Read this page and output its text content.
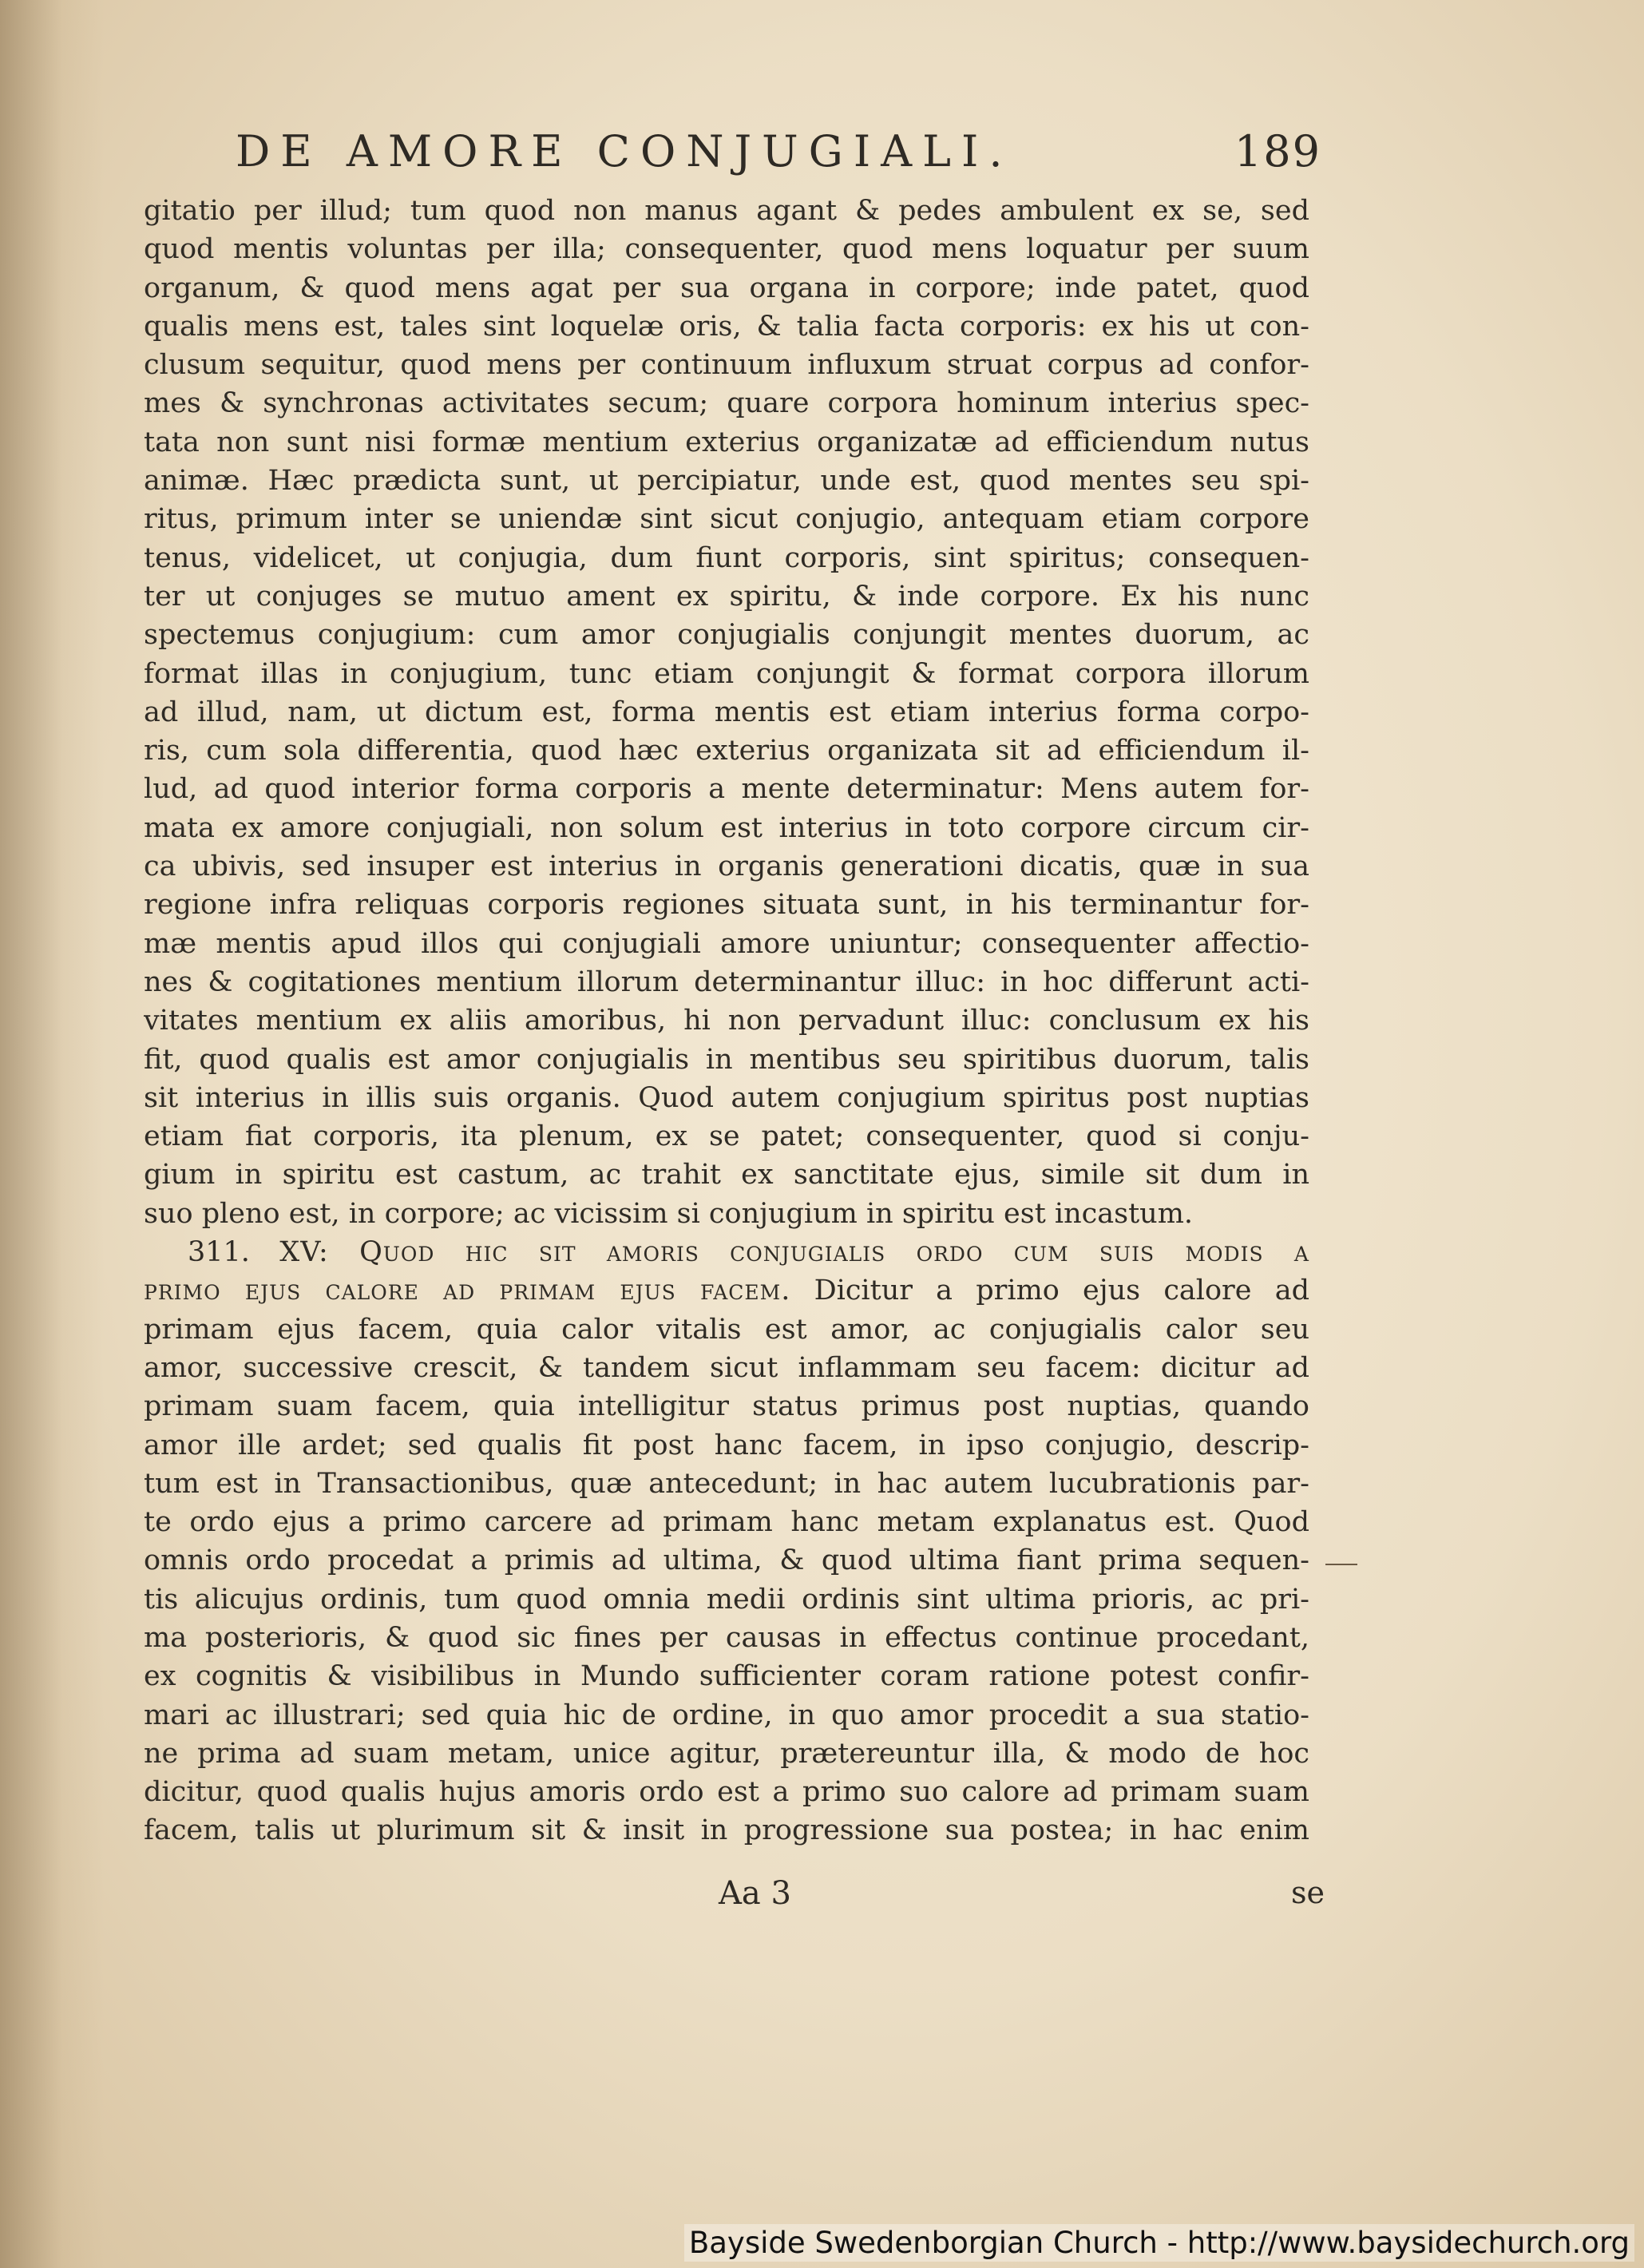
DE AMORE CONJUGIALI.	189
gitatio per illud; tum quod non manus agant & pedes ambulent ex se, sed
quod mentis voluntas per illa; consequenter, quod mens loquatur per suum
organum, & quod mens agat per sua organa in corpore; inde patet, quod
qualis mens est, tales sint loquelæ oris, & talia facta corporis: ex his ut con-
clusum sequitur, quod mens per continuum influxum struat corpus ad confor-
mes & synchronas activitates secum; quare corpora hominum interius spec-
tata non sunt nisi formæ mentium exterius organizatæ ad efficiendum nutus
animæ. Hæc prædicta sunt, ut percipiatur, unde est, quod mentes seu spi-
ritus, primum inter se uniendæ sint sicut conjugio, antequam etiam corpore
tenus, videlicet, ut conjugia, dum fiunt corporis, sint spiritus; consequen-
ter ut conjuges se mutuo ament ex spiritu, & inde corpore. Ex his nunc
spectemus conjugium: cum amor conjugialis conjungit mentes duorum, ac
format illas in conjugium, tunc etiam conjungit & format corpora illorum
ad illud, nam, ut dictum est, forma mentis est etiam interius forma corpo-
ris, cum sola differentia, quod hæc exterius organizata sit ad efficiendum il-
lud, ad quod interior forma corporis a mente determinatur: Mens autem for-
mata ex amore conjugiali, non solum est interius in toto corpore circum cir-
ca ubivis, sed insuper est interius in organis generationi dicatis, quæ in sua
regione infra reliquas corporis regiones situata sunt, in his terminantur for-
mæ mentis apud illos qui conjugiali amore uniuntur; consequenter affectio-
nes & cogitationes mentium illorum determinantur illuc: in hoc differunt acti-
vitates mentium ex aliis amoribus, hi non pervadunt illuc: conclusum ex his
fit, quod qualis est amor conjugialis in mentibus seu spiritibus duorum, talis
sit interius in illis suis organis. Quod autem conjugium spiritus post nuptias
etiam fiat corporis, ita plenum, ex se patet; consequenter, quod si conju-
gium in spiritu est castum, ac trahit ex sanctitate ejus, simile sit dum in
suo pleno est, in corpore; ac vicissim si conjugium in spiritu est incastum.
311. XV: Quod hic sit amoris conjugialis ordo cum suis modis a
primo ejus calore ad primam ejus facem. Dicitur a primo ejus calore ad
primam ejus facem, quia calor vitalis est amor, ac conjugialis calor seu
amor, successive crescit, & tandem sicut inflammam seu facem: dicitur ad
primam suam facem, quia intelligitur status primus post nuptias, quando
amor ille ardet; sed qualis fit post hanc facem, in ipso conjugio, descrip-
tum est in Transactionibus, quæ antecedunt; in hac autem lucubrationis par-
te ordo ejus a primo carcere ad primam hanc metam explanatus est. Quod
omnis ordo procedat a primis ad ultima, & quod ultima fiant prima sequen-
tis alicujus ordinis, tum quod omnia medii ordinis sint ultima prioris, ac pri-
ma posterioris, & quod sic fines per causas in effectus continue procedant,
ex cognitis & visibilibus in Mundo sufficienter coram ratione potest confir-
mari ac illustrari; sed quia hic de ordine, in quo amor procedit a sua statio-
ne prima ad suam metam, unice agitur, prætereuntur illa, & modo de hoc
dicitur, quod qualis hujus amoris ordo est a primo suo calore ad primam suam
facem, talis ut plurimum sit & insit in progressione sua postea; in hac enim
Aa 3	se
Bayside Swedenborgian Church - http://www.baysidechurch.org
